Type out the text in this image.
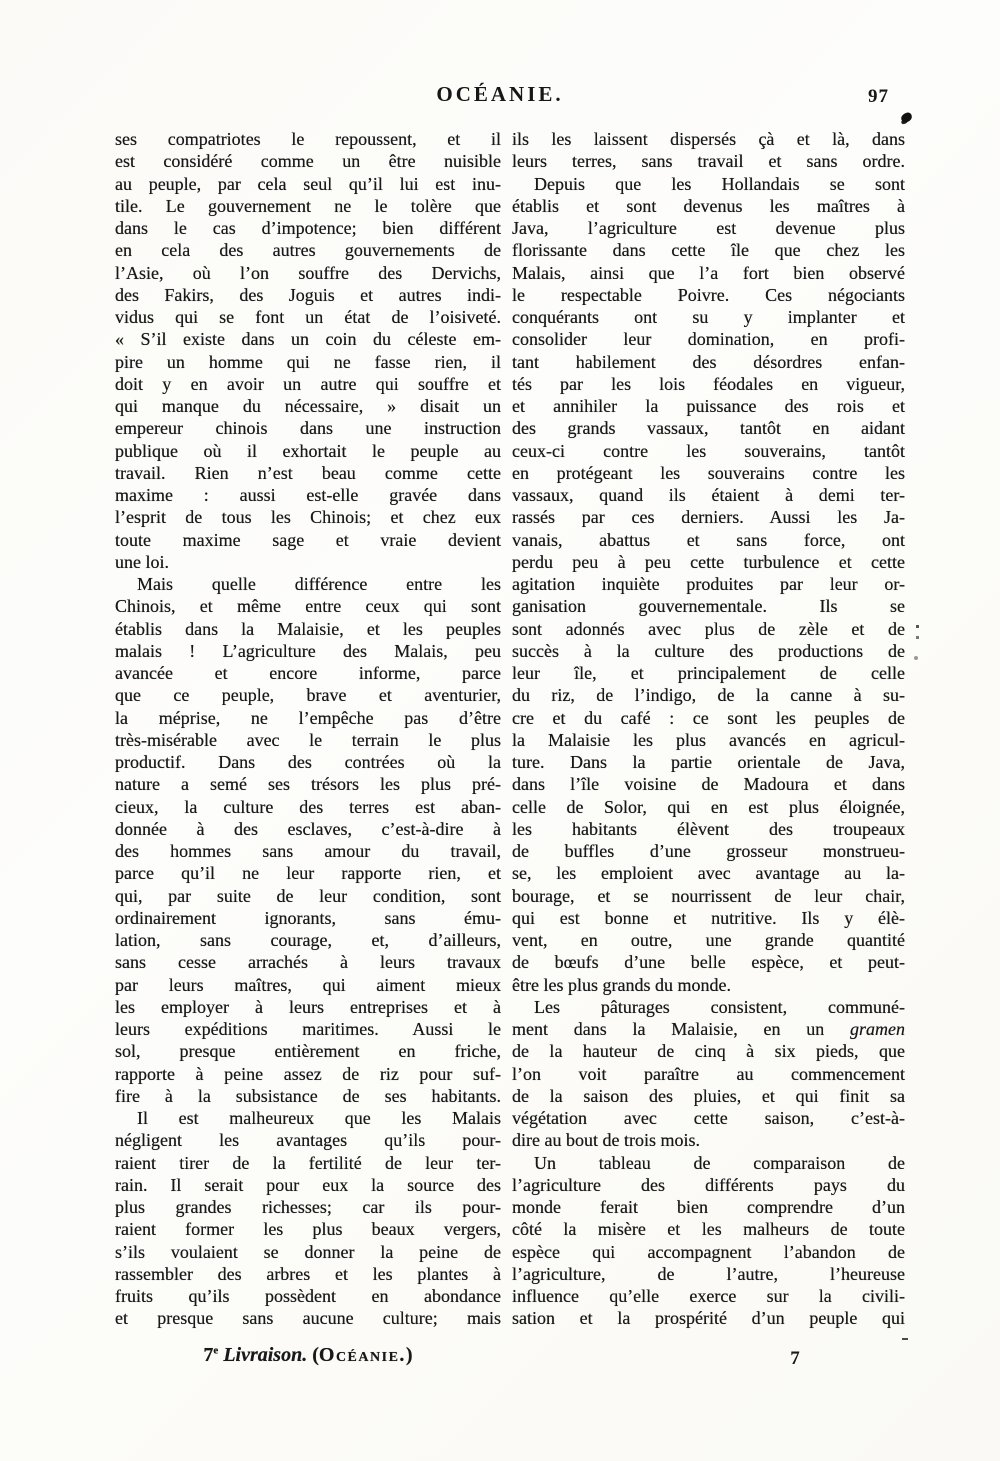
OCÉANIE.	97
ses compatriotes le repoussent, et il
est considéré comme un être nuisible
au peuple, par cela seul qu’il lui est inu-
tile. Le gouvernement ne le tolère que
dans le cas d’impotence; bien différent
en cela des autres gouvernements de
l’Asie, où l’on souffre des Dervichs,
des Fakirs, des Joguis et autres indi-
vidus qui se font un état de l’oisiveté.
« S’il existe dans un coin du céleste em-
pire un homme qui ne fasse rien, il
doit y en avoir un autre qui souffre et
qui manque du nécessaire, » disait un
empereur chinois dans une instruction
publique où il exhortait le peuple au
travail. Rien n’est beau comme cette
maxime : aussi est-elle gravée dans
l’esprit de tous les Chinois; et chez eux
toute maxime sage et vraie devient
une loi.
Mais quelle différence entre les
Chinois, et même entre ceux qui sont
établis dans la Malaisie, et les peuples
malais ! L’agriculture des Malais, peu
avancée et encore informe, parce
que ce peuple, brave et aventurier,
la méprise, ne l’empêche pas d’être
très-misérable avec le terrain le plus
productif. Dans des contrées où la
nature a semé ses trésors les plus pré-
cieux, la culture des terres est aban-
donnée à des esclaves, c’est-à-dire à
des hommes sans amour du travail,
parce qu’il ne leur rapporte rien, et
qui, par suite de leur condition, sont
ordinairement ignorants, sans ému-
lation, sans courage, et, d’ailleurs,
sans cesse arrachés à leurs travaux
par leurs maîtres, qui aiment mieux
les employer à leurs entreprises et à
leurs expéditions maritimes. Aussi le
sol, presque entièrement en friche,
rapporte à peine assez de riz pour suf-
fire à la subsistance de ses habitants.
Il est malheureux que les Malais
négligent les avantages qu’ils pour-
raient tirer de la fertilité de leur ter-
rain. Il serait pour eux la source des
plus grandes richesses; car ils pour-
raient former les plus beaux vergers,
s’ils voulaient se donner la peine de
rassembler des arbres et les plantes à
fruits qu’ils possèdent en abondance
et presque sans aucune culture; mais
ils les laissent dispersés çà et là, dans
leurs terres, sans travail et sans ordre.
Depuis que les Hollandais se sont
établis et sont devenus les maîtres à
Java, l’agriculture est devenue plus
florissante dans cette île que chez les
Malais, ainsi que l’a fort bien observé
le respectable Poivre. Ces négociants
conquérants ont su y implanter et
consolider leur domination, en profi-
tant habilement des désordres enfan-
tés par les lois féodales en vigueur,
et annihiler la puissance des rois et
des grands vassaux, tantôt en aidant
ceux-ci contre les souverains, tantôt
en protégeant les souverains contre les
vassaux, quand ils étaient à demi ter-
rassés par ces derniers. Aussi les Ja-
vanais, abattus et sans force, ont
perdu peu à peu cette turbulence et cette
agitation inquiète produites par leur or-
ganisation gouvernementale. Ils se
sont adonnés avec plus de zèle et de
succès à la culture des productions de
leur île, et principalement de celle
du riz, de l’indigo, de la canne à su-
cre et du café : ce sont les peuples de
la Malaisie les plus avancés en agricul-
ture. Dans la partie orientale de Java,
dans l’île voisine de Madoura et dans
celle de Solor, qui en est plus éloignée,
les habitants élèvent des troupeaux
de buffles d’une grosseur monstrueu-
se, les emploient avec avantage au la-
bourage, et se nourrissent de leur chair,
qui est bonne et nutritive. Ils y élè-
vent, en outre, une grande quantité
de bœufs d’une belle espèce, et peut-
être les plus grands du monde.
Les pâturages consistent, communé-
ment dans la Malaisie, en un gramen
de la hauteur de cinq à six pieds, que
l’on voit paraître au commencement
de la saison des pluies, et qui finit sa
végétation avec cette saison, c’est-à-
dire au bout de trois mois.
Un tableau de comparaison de
l’agriculture des différents pays du
monde ferait bien comprendre d’un
côté la misère et les malheurs de toute
espèce qui accompagnent l’abandon de
l’agriculture, de l’autre, l’heureuse
influence qu’elle exerce sur la civili-
sation et la prospérité d’un peuple qui
7e Livraison. (Océanie.)	7
